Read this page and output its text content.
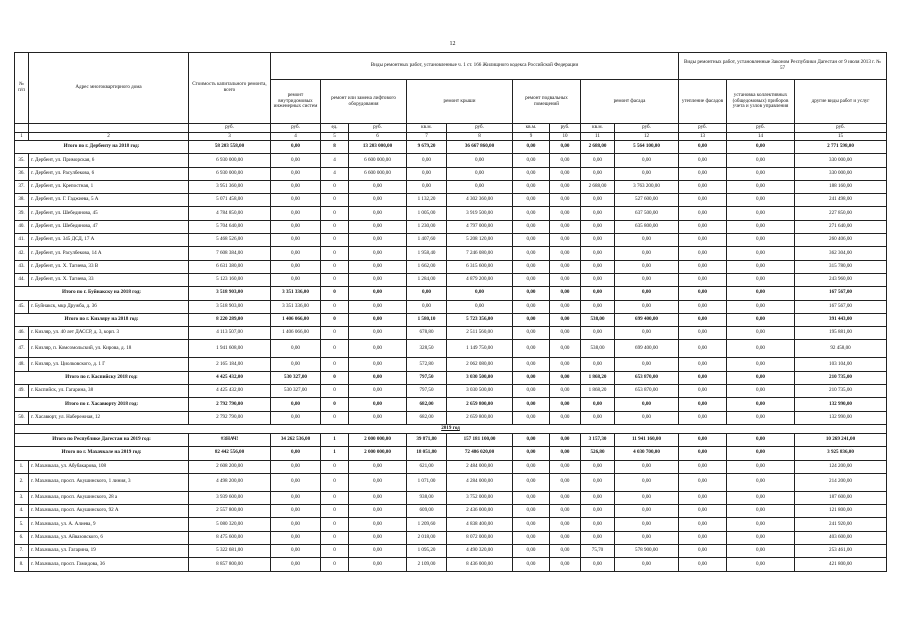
12
№ п/п	Адрес многоквартирного дома	Стоимость капитального ремонта, всего	Виды ремонтных работ, установленные ч. 1 ст. 166 Жилищного кодекса Российской Федерации									Виды ремонтных работ, установленные Законом Республики Дагестан от 9 июля 2013 г. № 57		
			ремонт внутридомовых инженерных систем	ремонт или замена лифтового оборудования		ремонт крыши		ремонт подвальных помещений		ремонт фасада		утепление фасадов	установка коллективных (общедомовых) приборов учета и узлов управления	другие виды работ и услуг
		руб.	руб.	ед.	руб.	кв.м.	руб.	кв.м.	руб.	кв.м.	руб.	руб.	руб.	руб.
1	2	3	4	5	6	7	8	9	10	11	12	13	14	15
Итого по г. Дербенту на 2018 год:		58 203 558,00	0,00	8	13 203 000,00	9 679,20	36 667 860,00	0,00	0,00	2 688,00	5 564 100,00	0,00	0,00	2 771 598,00
35.	г. Дербент, ул. Приморская, 6	6 930 000,00	0,00	4	6 600 000,00	0,00	0,00	0,00	0,00	0,00	0,00	0,00	0,00	330 000,00
36.	г. Дербент, ул. Расулбекова, 6	6 930 000,00	0,00	4	6 600 000,00	0,00	0,00	0,00	0,00	0,00	0,00	0,00	0,00	330 000,00
37.	г. Дербент, ул. Крепостная, 1	3 951 360,00	0,00	0	0,00	0,00	0,00	0,00	0,00	2 688,00	3 763 200,00	0,00	0,00	188 160,00
38.	г. Дербент, ул. Г. Гаджиева, 5 А	5 071 458,00	0,00	0	0,00	1 132,20	4 302 360,00	0,00	0,00	0,00	527 600,00	0,00	0,00	241 498,00
39.	г. Дербент, ул. Шебединова, 45	4 784 850,00	0,00	0	0,00	1 005,00	3 919 500,00	0,00	0,00	0,00	637 500,00	0,00	0,00	227 850,00
40.	г. Дербент, ул. Шебединова, 47	5 704 640,00	0,00	0	0,00	1 230,00	4 797 000,00	0,00	0,00	0,00	635 800,00	0,00	0,00	271 640,00
41.	г. Дербент, ул. 345 ДСД, 17 А	5 468 526,00	0,00	0	0,00	1 407,60	5 208 120,00	0,00	0,00	0,00	0,00	0,00	0,00	260 406,00
42.	г. Дербент, ул. Расулбекова, 14 А	7 608 384,00	0,00	0	0,00	1 958,40	7 246 080,00	0,00	0,00	0,00	0,00	0,00	0,00	362 304,00
43.	г. Дербент, ул. Х. Тагиева, 33 В	6 631 380,00	0,00	0	0,00	1 662,00	6 315 600,00	0,00	0,00	0,00	0,00	0,00	0,00	315 780,00
44.	г. Дербент, ул. Х. Тагиева, 33	5 123 160,00	0,00	0	0,00	1 284,00	4 879 200,00	0,00	0,00	0,00	0,00	0,00	0,00	243 960,00
Итого по г. Буйнакску на 2018 год:		3 518 903,00	3 351 336,00	0	0,00	0,00	0,00	0,00	0,00	0,00	0,00	0,00	0,00	167 567,00
45.	г. Буйнакск, мкр Дружба, д. 36	3 518 903,00	3 351 336,00	0	0,00	0,00	0,00	0,00	0,00	0,00	0,00	0,00	0,00	167 567,00
Итого по г. Кизляру на 2018 год:		8 220 289,00	1 406 066,00	0	0,00	1 580,10	5 723 356,00	0,00	0,00	538,00	699 400,00	0,00	0,00	391 443,00
46.	г. Кизляр, ул. 40 лет ДАССР, д. 3, корп. 3	4 113 507,00	1 406 066,00	0	0,00	678,80	2 511 560,00	0,00	0,00	0,00	0,00	0,00	0,00	195 881,00
47.	г. Кизляр, п. Комсомольский, ул. Кирова, д. 18	1 941 608,00	0,00	0	0,00	328,50	1 149 750,00	0,00	0,00	538,00	699 400,00	0,00	0,00	92 458,00
48.	г. Кизляр, ул. Циолковского, д. 1 Г	2 165 184,00	0,00	0	0,00	572,80	2 062 080,00	0,00	0,00	0,00	0,00	0,00	0,00	103 104,00
Итого по г. Каспийску 2018 год:		4 425 432,00	530 327,00	0	0,00	797,50	3 030 500,00	0,00	0,00	1 868,20	653 870,00	0,00	0,00	210 735,00
49.	г. Каспийск, ул. Гагарина, 38	4 425 432,00	530 327,00	0	0,00	797,50	3 030 500,00	0,00	0,00	1 868,20	653 870,00	0,00	0,00	210 735,00
Итого по г. Хасавюрту 2018 год:		2 792 790,00	0,00	0	0,00	682,00	2 659 800,00	0,00	0,00	0,00	0,00	0,00	0,00	132 990,00
50.	г. Хасавюрт, ул. Набережная, 12	2 792 790,00	0,00	0	0,00	682,00	2 659 800,00	0,00	0,00	0,00	0,00	0,00	0,00	132 990,00
2019 год														
Итого по Республике Дагестан на 2019 год:		#ЗНАЧ!	34 262 536,00	1	2 000 000,00	39 871,80	157 181 100,00	0,00	0,00	3 157,30	11 941 160,00	0,00	0,00	10 269 241,00
Итого по г. Махачкале на 2019 год:		82 442 556,00	0,00	1	2 000 000,00	18 051,80	72 486 020,00	0,00	0,00	526,80	4 030 700,00	0,00	0,00	3 925 836,00
1.	г. Махачкала, ул. Абубакарова, 108	2 608 200,00	0,00	0	0,00	621,00	2 484 000,00	0,00	0,00	0,00	0,00	0,00	0,00	124 200,00
2.	г. Махачкала, просп. Акушинского, 1 линия, 3	4 498 200,00	0,00	0	0,00	1 071,00	4 284 000,00	0,00	0,00	0,00	0,00	0,00	0,00	214 200,00
3.	г. Махачкала, просп. Акушинского, 28 а	3 939 600,00	0,00	0	0,00	938,00	3 752 000,00	0,00	0,00	0,00	0,00	0,00	0,00	187 600,00
4.	г. Махачкала, просп. Акушинского, 92 А	2 557 800,00	0,00	0	0,00	609,00	2 436 000,00	0,00	0,00	0,00	0,00	0,00	0,00	121 800,00
5.	г. Махачкала, ул. А. Алиева, 9	5 080 320,00	0,00	0	0,00	1 209,60	4 838 400,00	0,00	0,00	0,00	0,00	0,00	0,00	241 920,00
6.	г. Махачкала, ул. Айвазовского, 6	8 475 600,00	0,00	0	0,00	2 018,00	8 072 000,00	0,00	0,00	0,00	0,00	0,00	0,00	403 600,00
7.	г. Махачкала, ул. Гагарина, 19	5 322 681,00	0,00	0	0,00	1 095,20	4 490 320,00	0,00	0,00	75,70	578 900,00	0,00	0,00	253 461,00
8.	г. Махачкала, просп. Гамидова, 36	8 857 800,00	0,00	0	0,00	2 109,00	8 436 000,00	0,00	0,00	0,00	0,00	0,00	0,00	421 800,00
